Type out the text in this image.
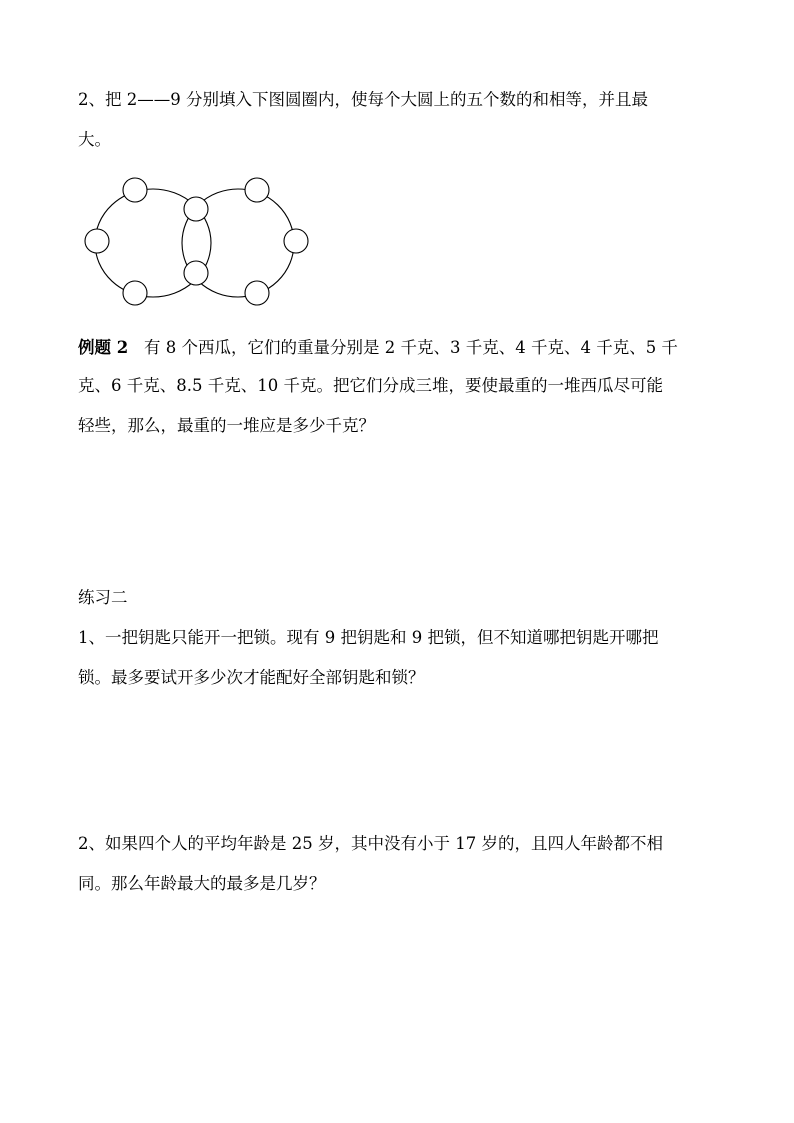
2、把 2——9 分别填入下图圆圈内，使每个大圆上的五个数的和相等，并且最
大。
例题 2 有 8 个西瓜，它们的重量分别是 2 千克、3 千克、4 千克、4 千克、5 千
克、6 千克、8.5 千克、10 千克。把它们分成三堆，要使最重的一堆西瓜尽可能
轻些，那么，最重的一堆应是多少千克？
练习二
1、一把钥匙只能开一把锁。现有 9 把钥匙和 9 把锁，但不知道哪把钥匙开哪把
锁。最多要试开多少次才能配好全部钥匙和锁？
2、如果四个人的平均年龄是 25 岁，其中没有小于 17 岁的，且四人年龄都不相
同。那么年龄最大的最多是几岁？
